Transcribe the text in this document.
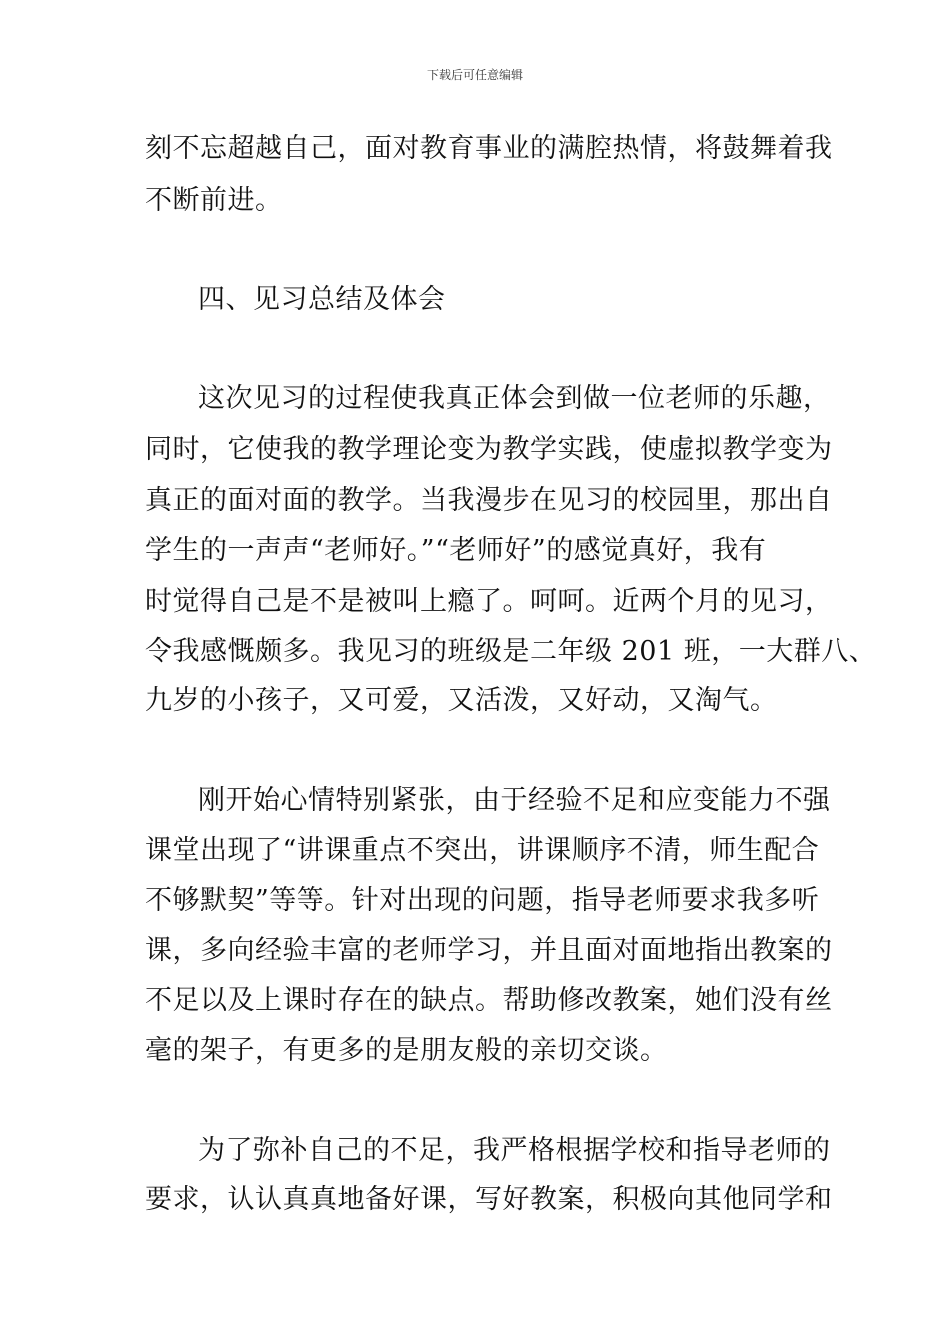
下载后可任意编辑
刻不忘超越自己，面对教育事业的满腔热情，将鼓舞着我
不断前进。
四、见习总结及体会
这次见习的过程使我真正体会到做一位老师的乐趣，
同时，它使我的教学理论变为教学实践，使虚拟教学变为
真正的面对面的教学。当我漫步在见习的校园里，那出自
学生的一声声“老师好。”“老师好”的感觉真好，我有
时觉得自己是不是被叫上瘾了。呵呵。近两个月的见习，
令我感慨颇多。我见习的班级是二年级 201 班，一大群八、
九岁的小孩子，又可爱，又活泼，又好动，又淘气。
刚开始心情特别紧张，由于经验不足和应变能力不强
课堂出现了“讲课重点不突出，讲课顺序不清，师生配合
不够默契”等等。针对出现的问题，指导老师要求我多听
课，多向经验丰富的老师学习，并且面对面地指出教案的
不足以及上课时存在的缺点。帮助修改教案，她们没有丝
毫的架子，有更多的是朋友般的亲切交谈。
为了弥补自己的不足，我严格根据学校和指导老师的
要求，认认真真地备好课，写好教案，积极向其他同学和
